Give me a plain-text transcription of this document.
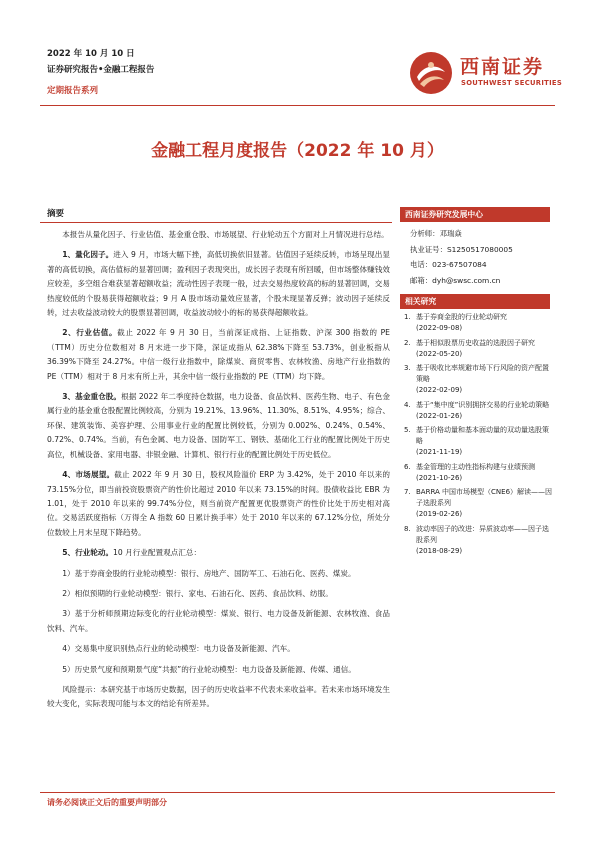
2022 年 10 月 10 日
证券研究报告•金融工程报告
定期报告系列
西南证券
SOUTHWEST SECURITIES
金融工程月度报告（2022 年 10 月）
摘要

本报告从量化因子、行业估值、基金重仓股、市场展望、行业轮动五个方面对上月情况进行总结。

1、量化因子。进入 9 月，市场大幅下挫，高低切换依旧显著。估值因子延续反转，市场呈现出显著的高低切换，高估值标的显著回调；盈利因子表现突出，成长因子表现有所回暖，但市场整体赚钱效应较差，多空组合难获显著超额收益；流动性因子表现一般，过去交易热度较高的标的显著回调，交易热度较低的个股易获得超额收益；9 月 A 股市场动量效应显著，个股未现显著反弹；波动因子延续反转，过去收益波动较大的股票显著回调，收益波动较小的标的易获得超额收益。

2、行业估值。截止 2022 年 9 月 30 日，当前深证成指、上证指数、沪深 300 指数的 PE（TTM）历史分位数相对 8 月末进一步下降，深证成指从 62.38%下降至 53.73%，创业板指从 36.39%下降至 24.27%。中信一级行业指数中，除煤炭、商贸零售、农林牧渔、房地产行业指数的 PE（TTM）相对于 8 月末有所上升，其余中信一级行业指数的 PE（TTM）均下降。

3、基金重仓股。根据 2022 年二季度持仓数据，电力设备、食品饮料、医药生物、电子、有色金属行业的基金重仓股配置比例较高，分别为 19.21%、13.96%、11.30%、8.51%、4.95%；综合、环保、建筑装饰、美容护理、公用事业行业的配置比例较低，分别为 0.002%、0.24%、0.54%、0.72%、0.74%。当前，有色金属、电力设备、国防军工、钢铁、基础化工行业的配置比例处于历史高位，机械设备、家用电器、非银金融、计算机、银行行业的配置比例处于历史低位。

4、市场展望。截止 2022 年 9 月 30 日，股权风险溢价 ERP 为 3.42%，处于 2010 年以来的 73.15%分位，即当前投资股票资产的性价比超过 2010 年以来 73.15%的时间。股债收益比 EBR 为 1.01，处于 2010 年以来的 99.74%分位，则当前资产配置更优股票资产的性价比处于历史相对高位。交易活跃度指标（万得全 A 指数 60 日累计换手率）处于 2010 年以来的 67.12%分位，所处分位数较上月末呈现下降趋势。

5、行业轮动。10 月行业配置观点汇总：

1）基于券商金股的行业轮动模型：银行、房地产、国防军工、石油石化、医药、煤炭。

2）相似预期的行业轮动模型：银行、家电、石油石化、医药、食品饮料、纺服。

3）基于分析师预期边际变化的行业轮动模型：煤炭、银行、电力设备及新能源、农林牧渔、食品饮料、汽车。

4）交易集中度识别热点行业的轮动模型：电力设备及新能源、汽车。

5）历史景气度和预期景气度“共振”的行业轮动模型：电力设备及新能源、传媒、通信。

风险提示：本研究基于市场历史数据，因子的历史收益率不代表未来收益率。若未来市场环境发生较大变化，实际表现可能与本文的结论有所差异。

西南证券研究发展中心
分析师：邓瑞焱
执业证号：S1250517080005
电话：023-67507084
邮箱：dyh@swsc.com.cn
相关研究
1. 基于券商金股的行业轮动研究
(2022-09-08)
2. 基于相似股票历史收益的选股因子研究
(2022-05-20)
3. 基于吸收比率规避市场下行风险的资产配置策略
(2022-02-09)
4. 基于“集中度”识别拥挤交易的行业轮动策略
(2022-01-26)
5. 基于价格动量和基本面动量的双动量选股策略
(2021-11-19)
6. 基金管理的主动性指标构建与业绩预测
(2021-10-26)
7. BARRA 中国市场模型（CNE6）解读——因子选股系列
(2019-02-26)
8. 波动率因子的改进：异质波动率——因子选股系列
(2018-08-29)
请务必阅读正文后的重要声明部分
